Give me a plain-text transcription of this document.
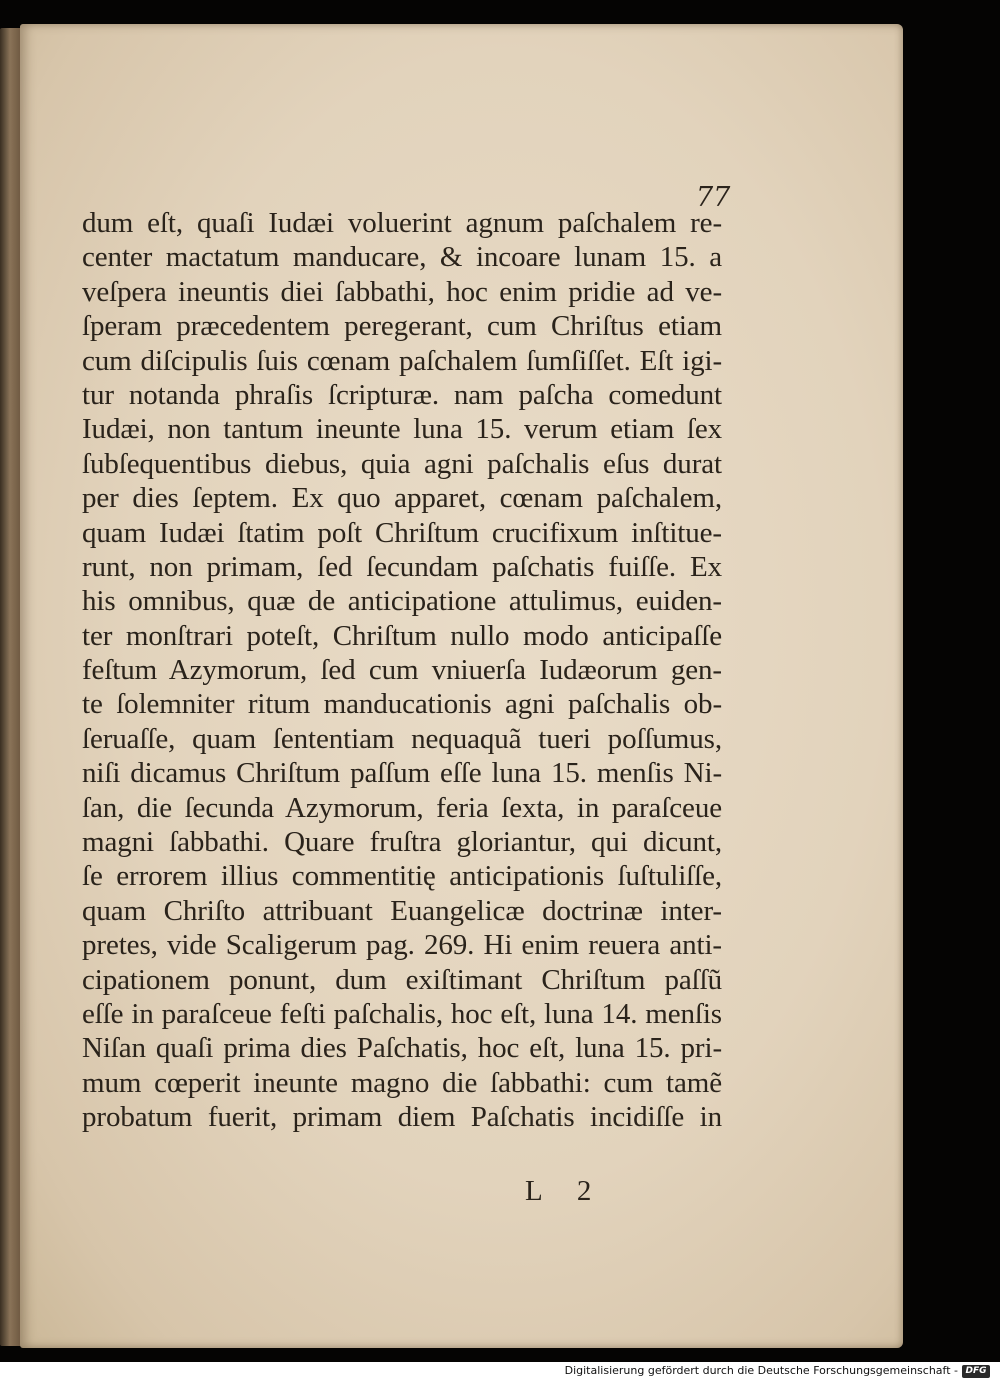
77
dum eſt, quaſi Iudæi voluerint agnum paſchalem re-
center mactatum manducare, & incoare lunam 15. a
veſpera ineuntis diei ſabbathi, hoc enim pridie ad ve-
ſperam præcedentem peregerant, cum Chriſtus etiam
cum diſcipulis ſuis cœnam paſchalem ſumſiſſet. Eſt igi-
tur notanda phraſis ſcripturæ. nam paſcha comedunt
Iudæi, non tantum ineunte luna 15. verum etiam ſex
ſubſequentibus diebus, quia agni paſchalis eſus durat
per dies ſeptem. Ex quo apparet, cœnam paſchalem,
quam Iudæi ſtatim poſt Chriſtum crucifixum inſtitue-
runt, non primam, ſed ſecundam paſchatis fuiſſe. Ex
his omnibus, quæ de anticipatione attulimus, euiden-
ter monſtrari poteſt, Chriſtum nullo modo anticipaſſe
feſtum Azymorum, ſed cum vniuerſa Iudæorum gen-
te ſolemniter ritum manducationis agni paſchalis ob-
ſeruaſſe, quam ſententiam nequaquã tueri poſſumus,
niſi dicamus Chriſtum paſſum eſſe luna 15. menſis Ni-
ſan, die ſecunda Azymorum, feria ſexta, in paraſceue
magni ſabbathi. Quare fruſtra gloriantur, qui dicunt,
ſe errorem illius commentitię anticipationis ſuſtuliſſe,
quam Chriſto attribuant Euangelicæ doctrinæ inter-
pretes, vide Scaligerum pag. 269. Hi enim reuera anti-
cipationem ponunt, dum exiſtimant Chriſtum paſſũ
eſſe in paraſceue feſti paſchalis, hoc eſt, luna 14. menſis
Niſan quaſi prima dies Paſchatis, hoc eſt, luna 15. pri-
mum cœperit ineunte magno die ſabbathi: cum tamẽ
probatum fuerit, primam diem Paſchatis incidiſſe in
L 2
Digitalisierung gefördert durch die Deutsche Forschungsgemeinschaft - DFG
